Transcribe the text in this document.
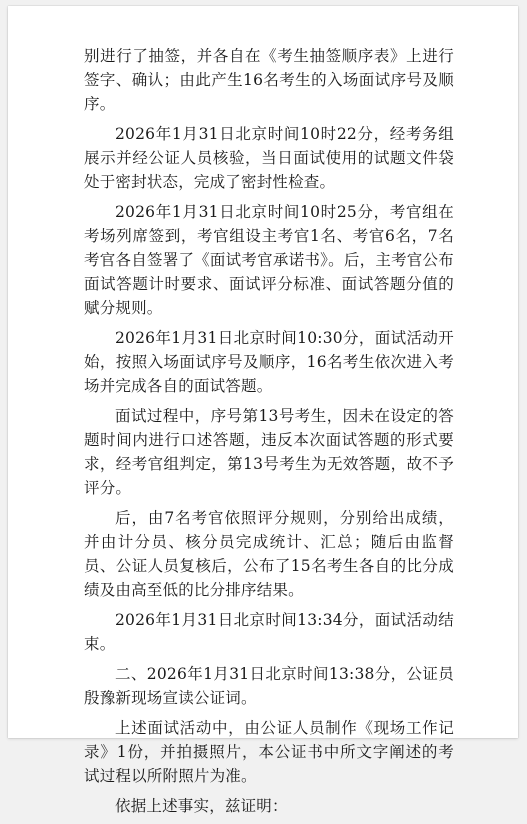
别进行了抽签，并各自在《考生抽签顺序表》上进行签字、确认；由此产生16名考生的入场面试序号及顺序。

2026年1月31日北京时间10时22分，经考务组展示并经公证人员核验，当日面试使用的试题文件袋处于密封状态，完成了密封性检查。

2026年1月31日北京时间10时25分，考官组在考场列席签到，考官组设主考官1名、考官6名，7名考官各自签署了《面试考官承诺书》。后，主考官公布面试答题计时要求、面试评分标准、面试答题分值的赋分规则。

2026年1月31日北京时间10:30分，面试活动开始，按照入场面试序号及顺序，16名考生依次进入考场并完成各自的面试答题。

面试过程中，序号第13号考生，因未在设定的答题时间内进行口述答题，违反本次面试答题的形式要求，经考官组判定，第13号考生为无效答题，故不予评分。

后，由7名考官依照评分规则，分别给出成绩，并由计分员、核分员完成统计、汇总；随后由监督员、公证人员复核后，公布了15名考生各自的比分成绩及由高至低的比分排序结果。

2026年1月31日北京时间13:34分，面试活动结束。

二、2026年1月31日北京时间13:38分，公证员殷豫新现场宣读公证词。

上述面试活动中，由公证人员制作《现场工作记录》1份，并拍摄照片，本公证书中所文字阐述的考试过程以所附照片为准。

依据上述事实，兹证明：
